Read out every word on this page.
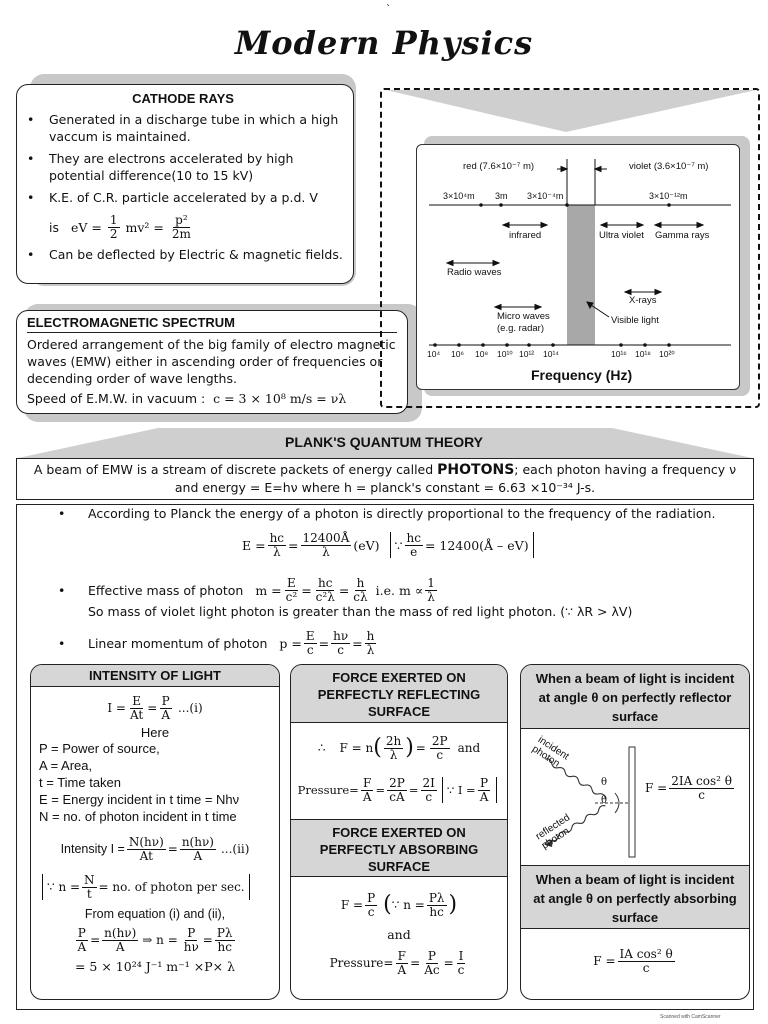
`
Modern Physics
CATHODE RAYS
• Generated in a discharge tube in which a high vaccum is maintained.
• They are electrons accelerated by high potential difference(10 to 15 kV)
• K.E. of C.R. particle accelerated by a p.d. V
is eV = $\frac{1}{2} mv^2 = \frac{\text{p²}}{2m}$
• Can be deflected by Electric & magnetic fields.
ELECTROMAGNETIC SPECTRUM
Ordered arrangement of the big family of electro magnetic waves (EMW) either in ascending order of frequencies or decending order of wave lengths.
Speed of E.M.W. in vacuum : c = 3 × 10⁸ m/s = νλ
red (7.6×10⁻⁷ m)	violet (3.6×10⁻⁷ m)
3×10⁴m 3m 3×10⁻⁴m	3×10⁻¹²m
infrared	Ultra violet Gamma rays
Radio waves
X-rays
Micro waves
(e.g. radar)
Visible light
10⁴ 10⁶ 10⁸ 10¹⁰ 10¹² 10¹⁴	10¹⁶ 10¹⁸ 10²⁰
Frequency (Hz)
PLANK'S QUANTUM THEORY
A beam of EMW is a stream of discrete packets of energy called PHOTONS; each photon having a frequency ν
and energy = E=hν where h = planck's constant = 6.63 ×10⁻³⁴ J-s.
• According to Planck the energy of a photon is directly proportional to the frequency of the radiation.
$E = \frac{hc}{\lambda} = \frac{12400Å}{\lambda} (eV)$ ∵ $\frac{hc}{e}$ = 12400(Å – eV)
•	Effective mass of photon $m = \frac{E}{\text{c²}} = \frac{hc}{\text{c²λ}} = \frac{h}{c\lambda} i.e$. $m \propto \frac{1}{\lambda}$
So mass of violet light photon is greater than the mass of red light photon. (∵ λR > λV)
•	Linear momentum of photon $p = \frac{E}{c} = \frac{h\nu}{c} = \frac{h}{\lambda}$
INTENSITY OF LIGHT
$I = \frac{E}{At} = \frac{P}{A} ...(i)$
Here
P = Power of source,
A = Area,
t = Time taken
E = Energy incident in t time = Nhν
N = no. of photon incident in t time
Intensity $I = \frac{N(h\nu)}{At} = \frac{n(h\nu)}{A} ...(ii)$
∵ $n = \frac{N}{t}$ = no. of photon per sec.
From equation (i) and (ii),
$\frac{P}{A} = \frac{n(h\nu)}{A}$ ⇒ $n = \frac{P}{h\nu} = \frac{P\lambda}{hc}$
= 5 × 10²⁴ J⁻¹ m⁻¹ ×P× λ
FORCE EXERTED ON PERFECTLY REFLECTING SURFACE
∴ F = n ( $\frac{2h}{\lambda}$ ) = $\frac{2P}{c}$ and
Pressure= $\frac{F}{A} = \frac{2P}{cA} = \frac{2I}{c}$ ∵ $I = \frac{P}{A}$
FORCE EXERTED ON PERFECTLY ABSORBING SURFACE
$F = \frac{P}{c}$ ( ∵ $n = \frac{P\lambda}{hc}$ )
and
Pressure= $\frac{F}{A} = \frac{P}{Ac} = \frac{I}{c}$
When a beam of light is incident at angle θ on perfectly reflector surface
incident photon
reflected photon
θ
θ
$F = \frac{\text{2IA cos² θ}}{c}$
When a beam of light is incident at angle θ on perfectly absorbing surface
$F = \frac{\text{IA cos² θ}}{c}$
Scanned with CamScanner
